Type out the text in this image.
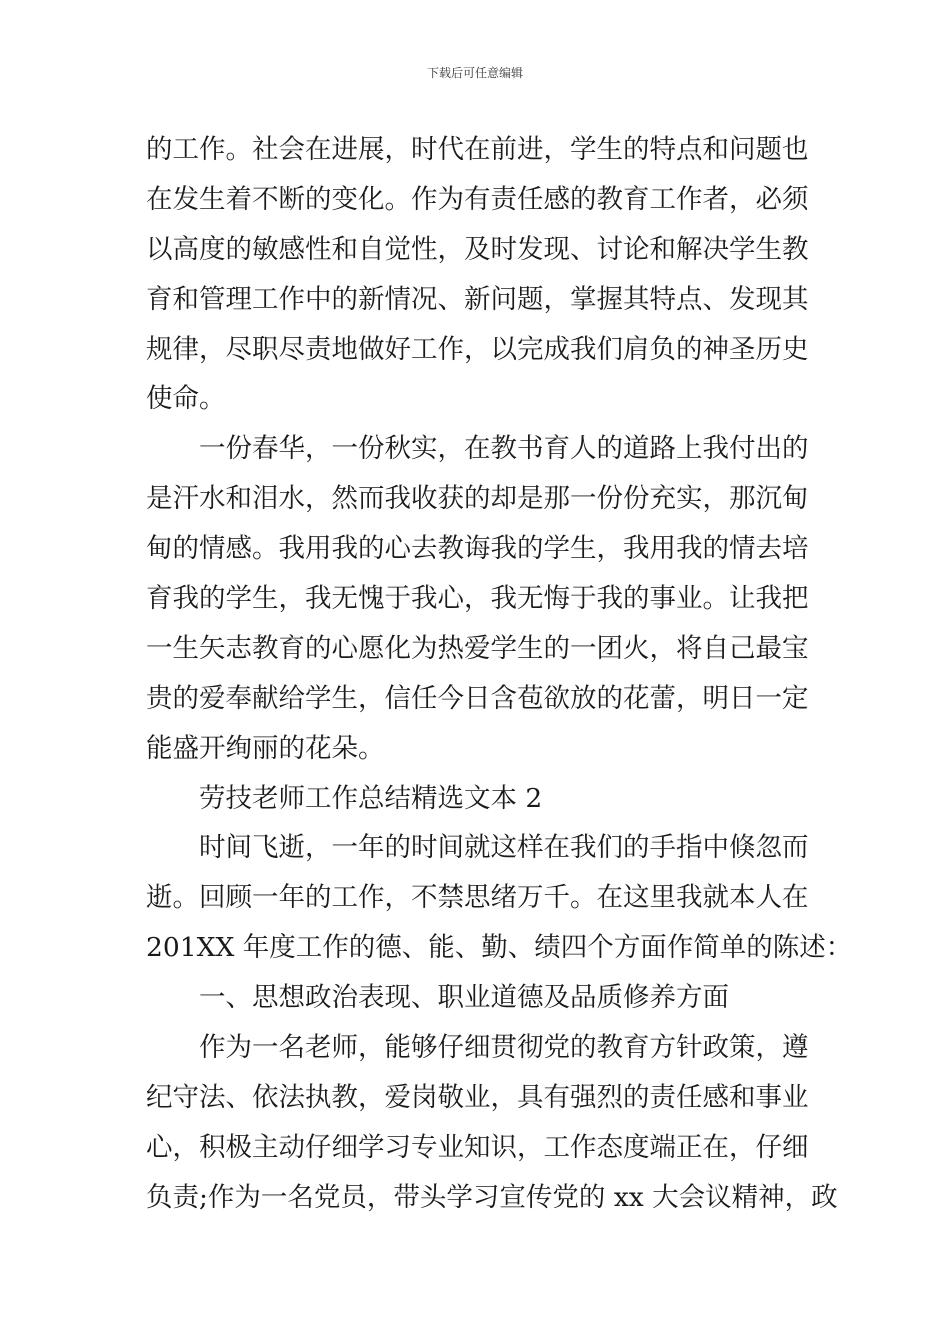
下载后可任意编辑
的工作。社会在进展，时代在前进，学生的特点和问题也
在发生着不断的变化。作为有责任感的教育工作者，必须
以高度的敏感性和自觉性，及时发现、讨论和解决学生教
育和管理工作中的新情况、新问题，掌握其特点、发现其
规律，尽职尽责地做好工作，以完成我们肩负的神圣历史
使命。
一份春华，一份秋实，在教书育人的道路上我付出的
是汗水和泪水，然而我收获的却是那一份份充实，那沉甸
甸的情感。我用我的心去教诲我的学生，我用我的情去培
育我的学生，我无愧于我心，我无悔于我的事业。让我把
一生矢志教育的心愿化为热爱学生的一团火，将自己最宝
贵的爱奉献给学生，信任今日含苞欲放的花蕾，明日一定
能盛开绚丽的花朵。
劳技老师工作总结精选文本 2
时间飞逝，一年的时间就这样在我们的手指中倏忽而
逝。回顾一年的工作，不禁思绪万千。在这里我就本人在
201XX 年度工作的德、能、勤、绩四个方面作简单的陈述：
一、思想政治表现、职业道德及品质修养方面
作为一名老师，能够仔细贯彻党的教育方针政策，遵
纪守法、依法执教，爱岗敬业，具有强烈的责任感和事业
心，积极主动仔细学习专业知识，工作态度端正在，仔细
负责;作为一名党员，带头学习宣传党的 xx 大会议精神，政
